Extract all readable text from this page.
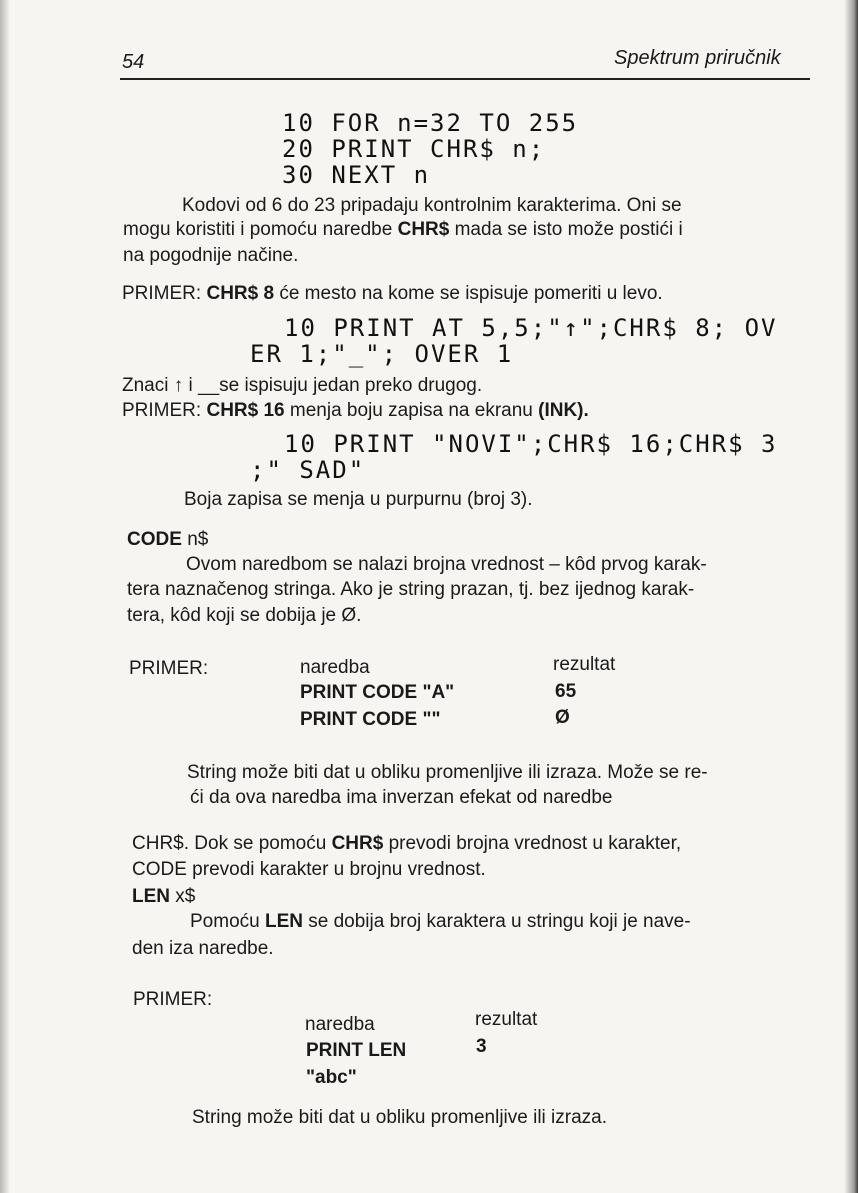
54	Spektrum priručnik
10 FOR n=32 TO 255
20 PRINT CHR$ n;
30 NEXT n
Kodovi od 6 do 23 pripadaju kontrolnim karakterima. Oni se
mogu koristiti i pomoću naredbe CHR$ mada se isto može postići i
na pogodnije načine.
PRIMER: CHR$ 8 će mesto na kome se ispisuje pomeriti u levo.
10 PRINT AT 5,5;"↑";CHR$ 8; OV
ER 1;"_"; OVER 1
Znaci ↑ i __se ispisuju jedan preko drugog.
PRIMER: CHR$ 16 menja boju zapisa na ekranu (INK).
10 PRINT "NOVI";CHR$ 16;CHR$ 3
;" SAD"
Boja zapisa se menja u purpurnu (broj 3).
CODE n$
Ovom naredbom se nalazi brojna vrednost – kôd prvog karak-
tera naznačenog stringa. Ako je string prazan, tj. bez ijednog karak-
tera, kôd koji se dobija je Ø.
PRIMER:	naredba	rezultat
PRINT CODE "A"	65
PRINT CODE ""	Ø
String može biti dat u obliku promenljive ili izraza. Može se re-
ći da ova naredba ima inverzan efekat od naredbe
CHR$. Dok se pomoću CHR$ prevodi brojna vrednost u karakter,
CODE prevodi karakter u brojnu vrednost.
LEN x$
Pomoću LEN se dobija broj karaktera u stringu koji je nave-
den iza naredbe.
PRIMER:
naredba	rezultat
PRINT LEN	3
"abc"
String može biti dat u obliku promenljive ili izraza.
